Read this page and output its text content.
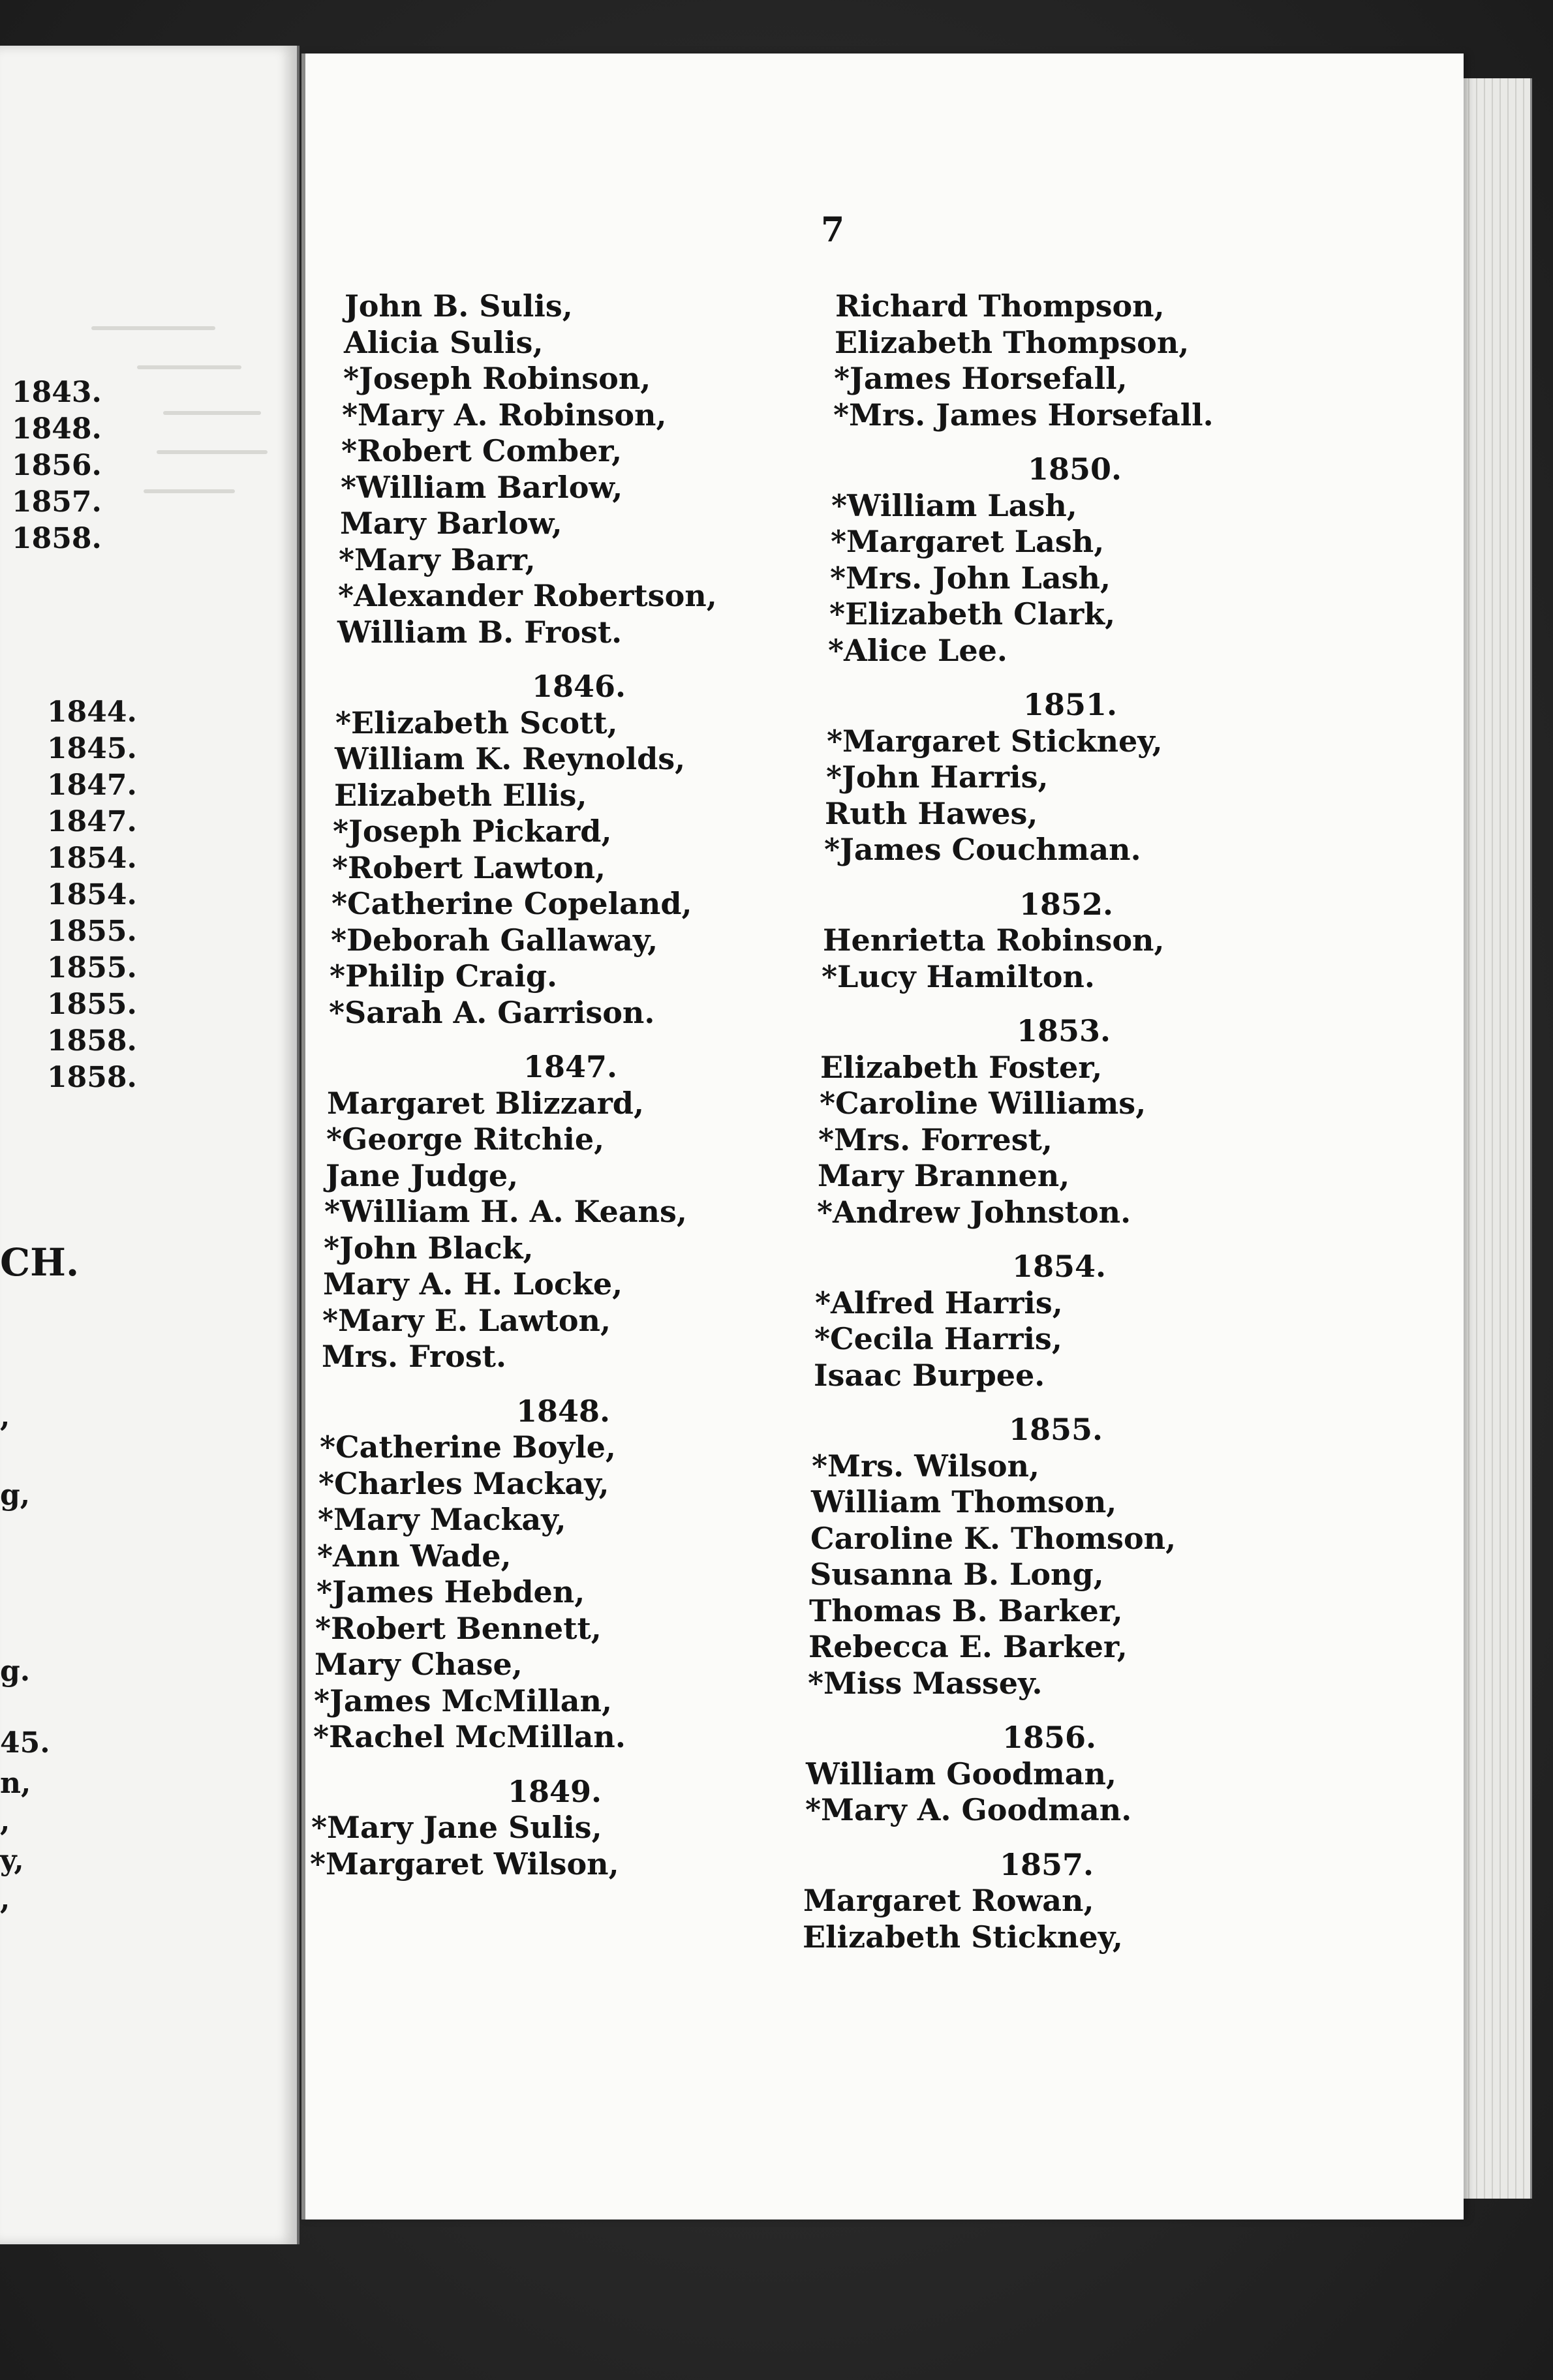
1843.
1848.
1856.
1857.
1858.
1844.
1845.
1847.
1847.
1854.
1854.
1855.
1855.
1855.
1858.
1858.
CH.
,
g,
g.
45.
n,
,
y,
,
7
John B. Sulis,
Alicia Sulis,
*Joseph Robinson,
*Mary A. Robinson,
*Robert Comber,
*William Barlow,
Mary Barlow,
*Mary Barr,
*Alexander Robertson,
William B. Frost.
1846.
*Elizabeth Scott,
William K. Reynolds,
Elizabeth Ellis,
*Joseph Pickard,
*Robert Lawton,
*Catherine Copeland,
*Deborah Gallaway,
*Philip Craig.
*Sarah A. Garrison.
1847.
Margaret Blizzard,
*George Ritchie,
Jane Judge,
*William H. A. Keans,
*John Black,
Mary A. H. Locke,
*Mary E. Lawton,
Mrs. Frost.
1848.
*Catherine Boyle,
*Charles Mackay,
*Mary Mackay,
*Ann Wade,
*James Hebden,
*Robert Bennett,
Mary Chase,
*James McMillan,
*Rachel McMillan.
1849.
*Mary Jane Sulis,
*Margaret Wilson,
Richard Thompson,
Elizabeth Thompson,
*James Horsefall,
*Mrs. James Horsefall.
1850.
*William Lash,
*Margaret Lash,
*Mrs. John Lash,
*Elizabeth Clark,
*Alice Lee.
1851.
*Margaret Stickney,
*John Harris,
Ruth Hawes,
*James Couchman.
1852.
Henrietta Robinson,
*Lucy Hamilton.
1853.
Elizabeth Foster,
*Caroline Williams,
*Mrs. Forrest,
Mary Brannen,
*Andrew Johnston.
1854.
*Alfred Harris,
*Cecila Harris,
Isaac Burpee.
1855.
*Mrs. Wilson,
William Thomson,
Caroline K. Thomson,
Susanna B. Long,
Thomas B. Barker,
Rebecca E. Barker,
*Miss Massey.
1856.
William Goodman,
*Mary A. Goodman.
1857.
Margaret Rowan,
Elizabeth Stickney,
